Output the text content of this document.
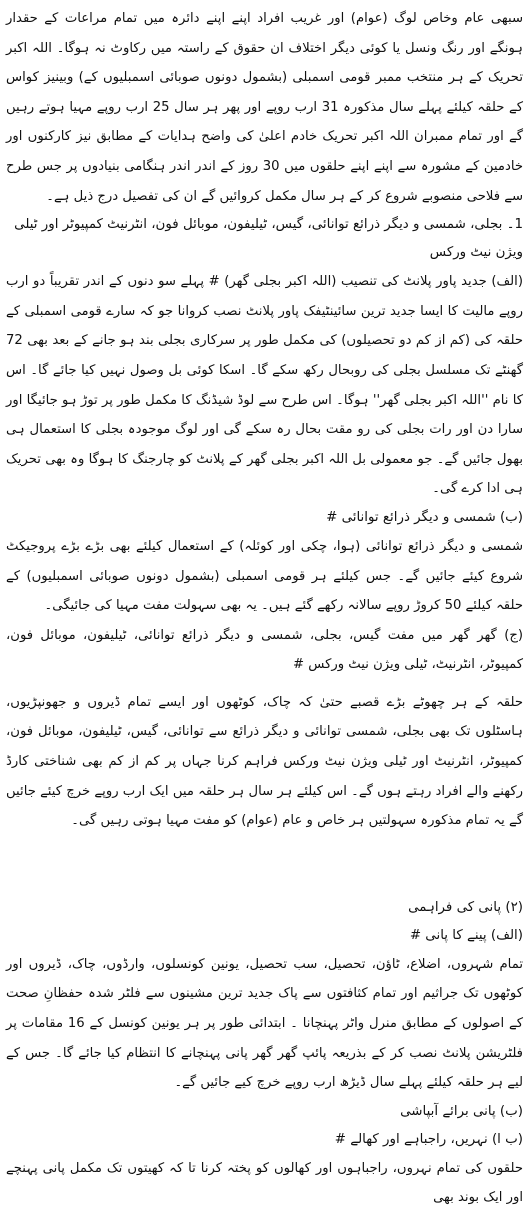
سبھی عام وخاص لوگ (عوام) اور غریب افراد اپنے اپنے دائرہ میں تمام مراعات کے حقدار ہونگے اور رنگ ونسل یا کوئی دیگر اختلاف ان حقوق کے راستہ میں رکاوٹ نہ ہوگا۔ اللہ اکبر تحریک کے ہر منتخب ممبر قومی اسمبلی (بشمول دونوں صوبائی اسمبلیوں کے) وبینیز کواس کے حلقہ کیلئے پہلے سال مذکورہ 31 ارب روپے اور پھر ہر سال 25 ارب روپے مہیا ہوتے رہیں گے اور تمام ممبران اللہ اکبر تحریک خادم اعلیٰ کی واضح ہدایات کے مطابق نیز کارکنوں اور خادمین کے مشورہ سے اپنے اپنے حلقوں میں 30 روز کے اندر اندر ہنگامی بنیادوں پر جس طرح سے فلاحی منصوبے شروع کر کے ہر سال مکمل کروائیں گے ان کی تفصیل درج ذیل ہے۔

1۔ بجلی، شمسی و دیگر ذرائع توانائی، گیس، ٹیلیفون، موبائل فون، انٹرنیٹ کمپیوٹر اور ٹیلی ویژن نیٹ ورکس

(الف) جدید پاور پلانٹ کی تنصیب (اللہ اکبر بجلی گھر) # پہلے سو دنوں کے اندر تقریباً دو ارب روپے مالیت کا ایسا جدید ترین سائینٹیفک پاور پلانٹ نصب کروانا جو کہ سارے قومی اسمبلی کے حلقہ کی (کم از کم دو تحصیلوں) کی مکمل طور پر سرکاری بجلی بند ہو جانے کے بعد بھی 72 گھنٹے تک مسلسل بجلی کی روبحال رکھ سکے گا۔ اسکا کوئی بل وصول نہیں کیا جائے گا۔ اس کا نام ''اللہ اکبر بجلی گھر'' ہوگا۔ اس طرح سے لوڈ شیڈنگ کا مکمل طور پر توڑ ہو جائیگا اور سارا دن اور رات بجلی کی رو مقت بحال رہ سکے گی اور لوگ موجودہ بجلی کا استعمال ہی بھول جائیں گے۔ جو معمولی بل اللہ اکبر بجلی گھر کے پلانٹ کو چارجنگ کا ہوگا وہ بھی تحریک ہی ادا کرے گی۔

(ب) شمسی و دیگر ذرائع توانائی #

شمسی و دیگر ذرائع توانائی (ہوا، چکی اور کوئلہ) کے استعمال کیلئے بھی بڑے بڑے پروجیکٹ شروع کیئے جائیں گے۔ جس کیلئے ہر قومی اسمبلی (بشمول دونوں صوبائی اسمبلیوں) کے حلقہ کیلئے 50 کروڑ روپے سالانہ رکھے گئے ہیں۔ یہ بھی سہولت مفت مہیا کی جائیگی۔

(ج) گھر گھر میں مفت گیس، بجلی، شمسی و دیگر ذرائع توانائی، ٹیلیفون، موبائل فون، کمپیوٹر، انٹرنیٹ، ٹیلی ویژن نیٹ ورکس #

حلقہ کے ہر چھوٹے بڑے قصبے حتیٰ کہ چاک، کوٹھوں اور ایسے تمام ڈیروں و جھونپڑیوں، ہاسٹلوں تک بھی بجلی، شمسی توانائی و دیگر ذرائع سے توانائی، گیس، ٹیلیفون، موبائل فون، کمپیوٹر، انٹرنیٹ اور ٹیلی ویژن نیٹ ورکس فراہم کرنا جہاں پر کم از کم بھی شناختی کارڈ رکھنے والے افراد رہتے ہوں گے۔ اس کیلئے ہر سال ہر حلقہ میں ایک ارب روپے خرچ کیئے جائیں گے یہ تمام مذکورہ سہولتیں ہر خاص و عام (عوام) کو مفت مہیا ہوتی رہیں گی۔

(۲) پانی کی فراہمی

(الف) پینے کا پانی #

تمام شہروں، اضلاع، ٹاؤن، تحصیل، سب تحصیل، یونین کونسلوں، وارڈوں، چاک، ڈیروں اور کوٹھوں تک جراثیم اور تمام کثافتوں سے پاک جدید ترین مشینوں سے فلٹر شدہ حفظانِ صحت کے اصولوں کے مطابق منرل واٹر پہنچانا ۔ ابتدائی طور پر ہر یونین کونسل کے 16 مقامات پر فلٹریشن پلانٹ نصب کر کے بذریعہ پائپ گھر گھر پانی پہنچانے کا انتظام کیا جائے گا۔ جس کے لیے ہر حلقہ کیلئے پہلے سال ڈیڑھ ارب روپے خرچ کیے جائیں گے۔

(ب) پانی برائے آبپاشی

(ب ا) نہریں، راجباہے اور کھالے #

حلقوں کی تمام نہروں، راجباہوں اور کھالوں کو پختہ کرنا تا کہ کھیتوں تک مکمل پانی پہنچے اور ایک بوند بھی
